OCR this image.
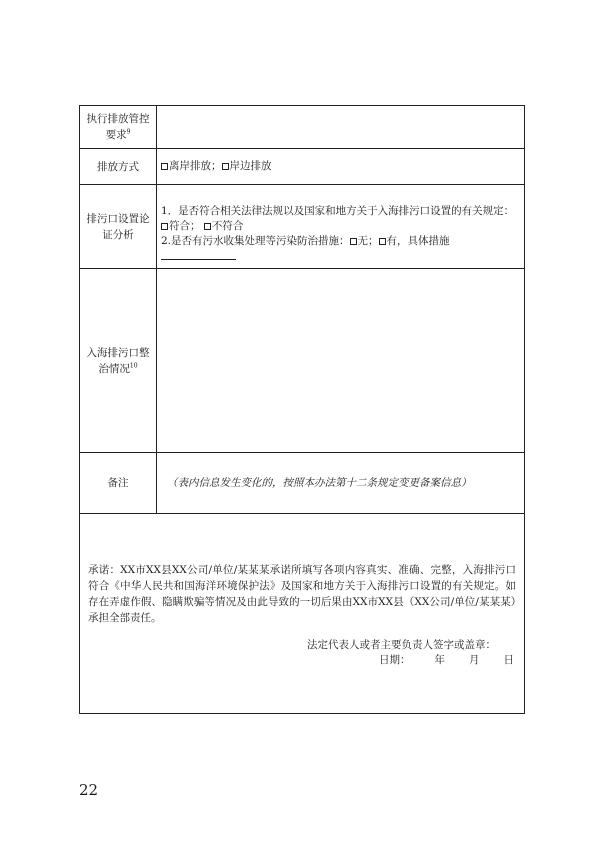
执行排放管控要求$^9$
排放方式	离岸排放； 岸边排放
排污口设置论证分析
1．是否符合相关法律法规以及国家和地方关于入海排污口设置的有关规定：
符合； 不符合
2.是否有污水收集处理等污染防治措施： 无； 有，具体措施
入海排污口整治情况$^{10}$
备注	（表内信息发生变化的，按照本办法第十二条规定变更备案信息）
承诺：XX市XX县XX公司/单位/某某某承诺所填写各项内容真实、准确、完整，入海排污口符合《中华人民共和国海洋环境保护法》及国家和地方关于入海排污口设置的有关规定。如存在弄虚作假、隐瞒欺骗等情况及由此导致的一切后果由XX市XX县（XX公司/单位/某某某）承担全部责任。
法定代表人或者主要负责人签字或盖章：
日期： 年 月 日
22
